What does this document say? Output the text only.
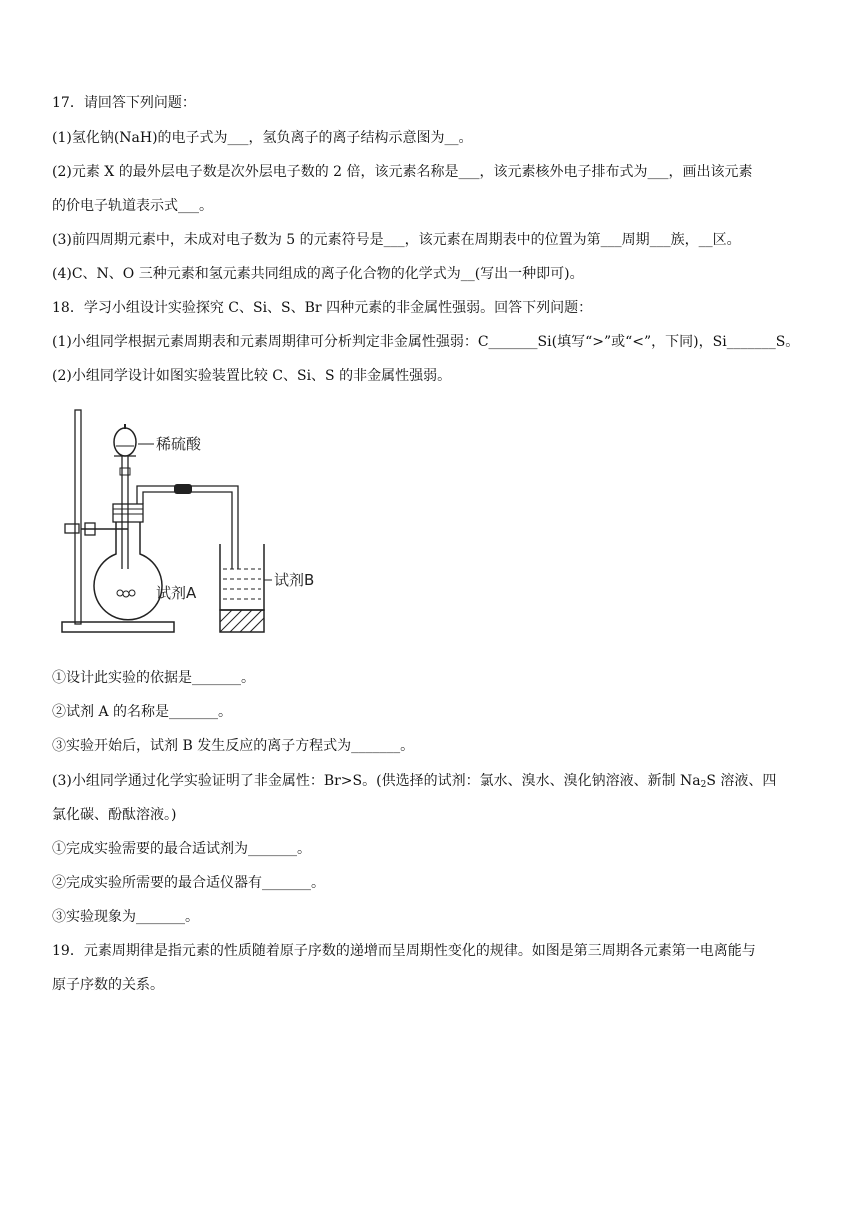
17．请回答下列问题：
(1)氢化钠(NaH)的电子式为___，氢负离子的离子结构示意图为__。
(2)元素 X 的最外层电子数是次外层电子数的 2 倍，该元素名称是___，该元素核外电子排布式为___，画出该元素
的价电子轨道表示式___。
(3)前四周期元素中，未成对电子数为 5 的元素符号是___，该元素在周期表中的位置为第___周期___族，__区。
(4)C、N、O 三种元素和氢元素共同组成的离子化合物的化学式为__(写出一种即可)。
18．学习小组设计实验探究 C、Si、S、Br 四种元素的非金属性强弱。回答下列问题：
(1)小组同学根据元素周期表和元素周期律可分析判定非金属性强弱：C_______Si(填写“>”或“<”，下同)，Si_______S。
(2)小组同学设计如图实验装置比较 C、Si、S 的非金属性强弱。
稀硫酸
试剂A
试剂B
①设计此实验的依据是_______。
②试剂 A 的名称是_______。
③实验开始后，试剂 B 发生反应的离子方程式为_______。
(3)小组同学通过化学实验证明了非金属性：Br>S。(供选择的试剂：氯水、溴水、溴化钠溶液、新制 $Na_2S$ 溶液、四
氯化碳、酚酞溶液。)
①完成实验需要的最合适试剂为_______。
②完成实验所需要的最合适仪器有_______。
③实验现象为_______。
19．元素周期律是指元素的性质随着原子序数的递增而呈周期性变化的规律。如图是第三周期各元素第一电离能与
原子序数的关系。
